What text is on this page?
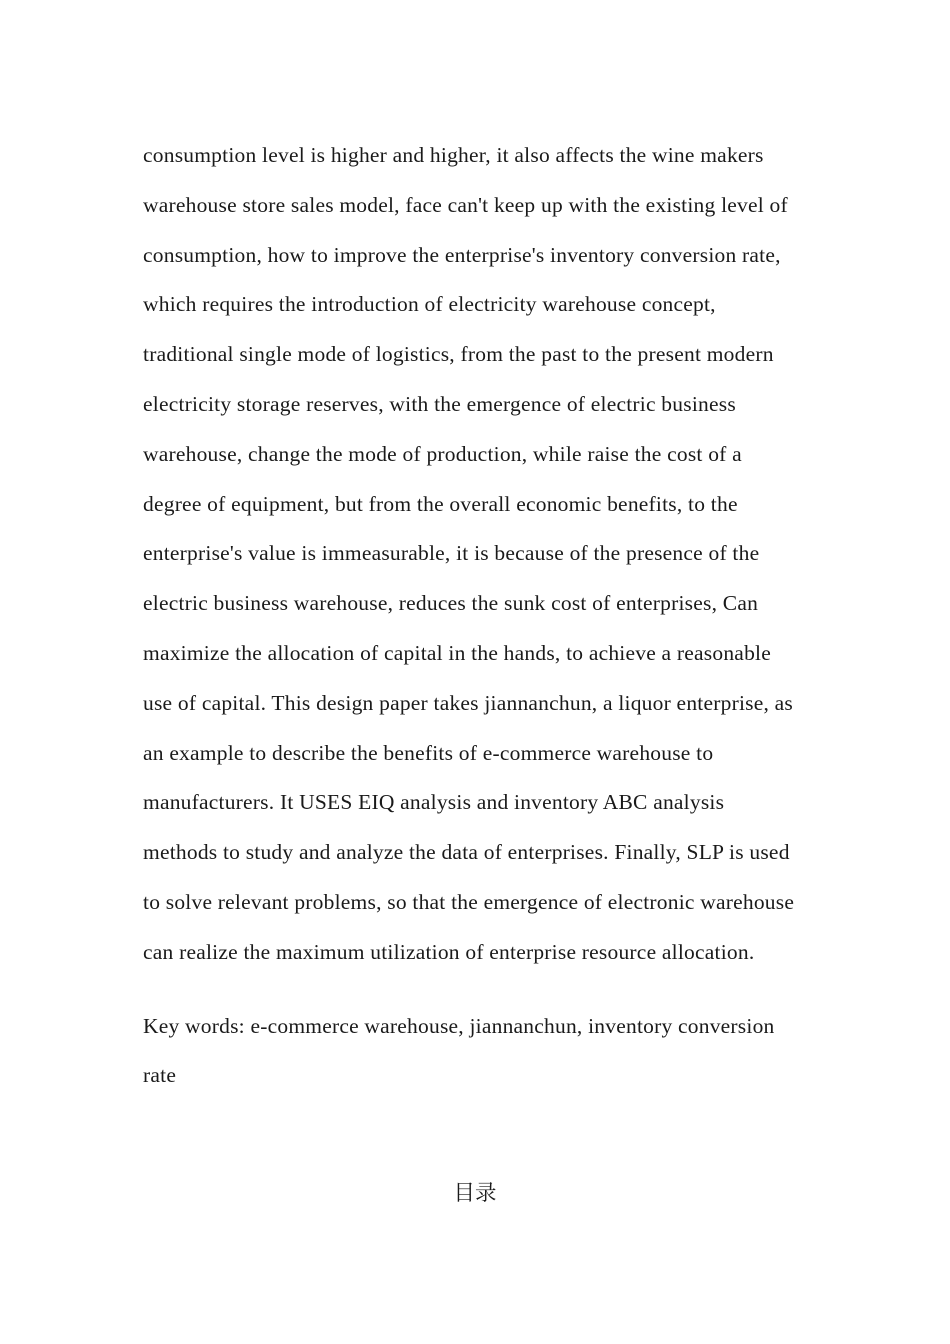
consumption level is higher and higher, it also affects the wine makers
warehouse store sales model, face can't keep up with the existing level of
consumption, how to improve the enterprise's inventory conversion rate,
which requires the introduction of electricity warehouse concept,
traditional single mode of logistics, from the past to the present modern
electricity storage reserves, with the emergence of electric business
warehouse, change the mode of production, while raise the cost of a
degree of equipment, but from the overall economic benefits, to the
enterprise's value is immeasurable, it is because of the presence of the
electric business warehouse, reduces the sunk cost of enterprises, Can
maximize the allocation of capital in the hands, to achieve a reasonable
use of capital. This design paper takes jiannanchun, a liquor enterprise, as
an example to describe the benefits of e-commerce warehouse to
manufacturers. It USES EIQ analysis and inventory ABC analysis
methods to study and analyze the data of enterprises. Finally, SLP is used
to solve relevant problems, so that the emergence of electronic warehouse
can realize the maximum utilization of enterprise resource allocation.
Key words: e-commerce warehouse, jiannanchun, inventory conversion
rate
目录
